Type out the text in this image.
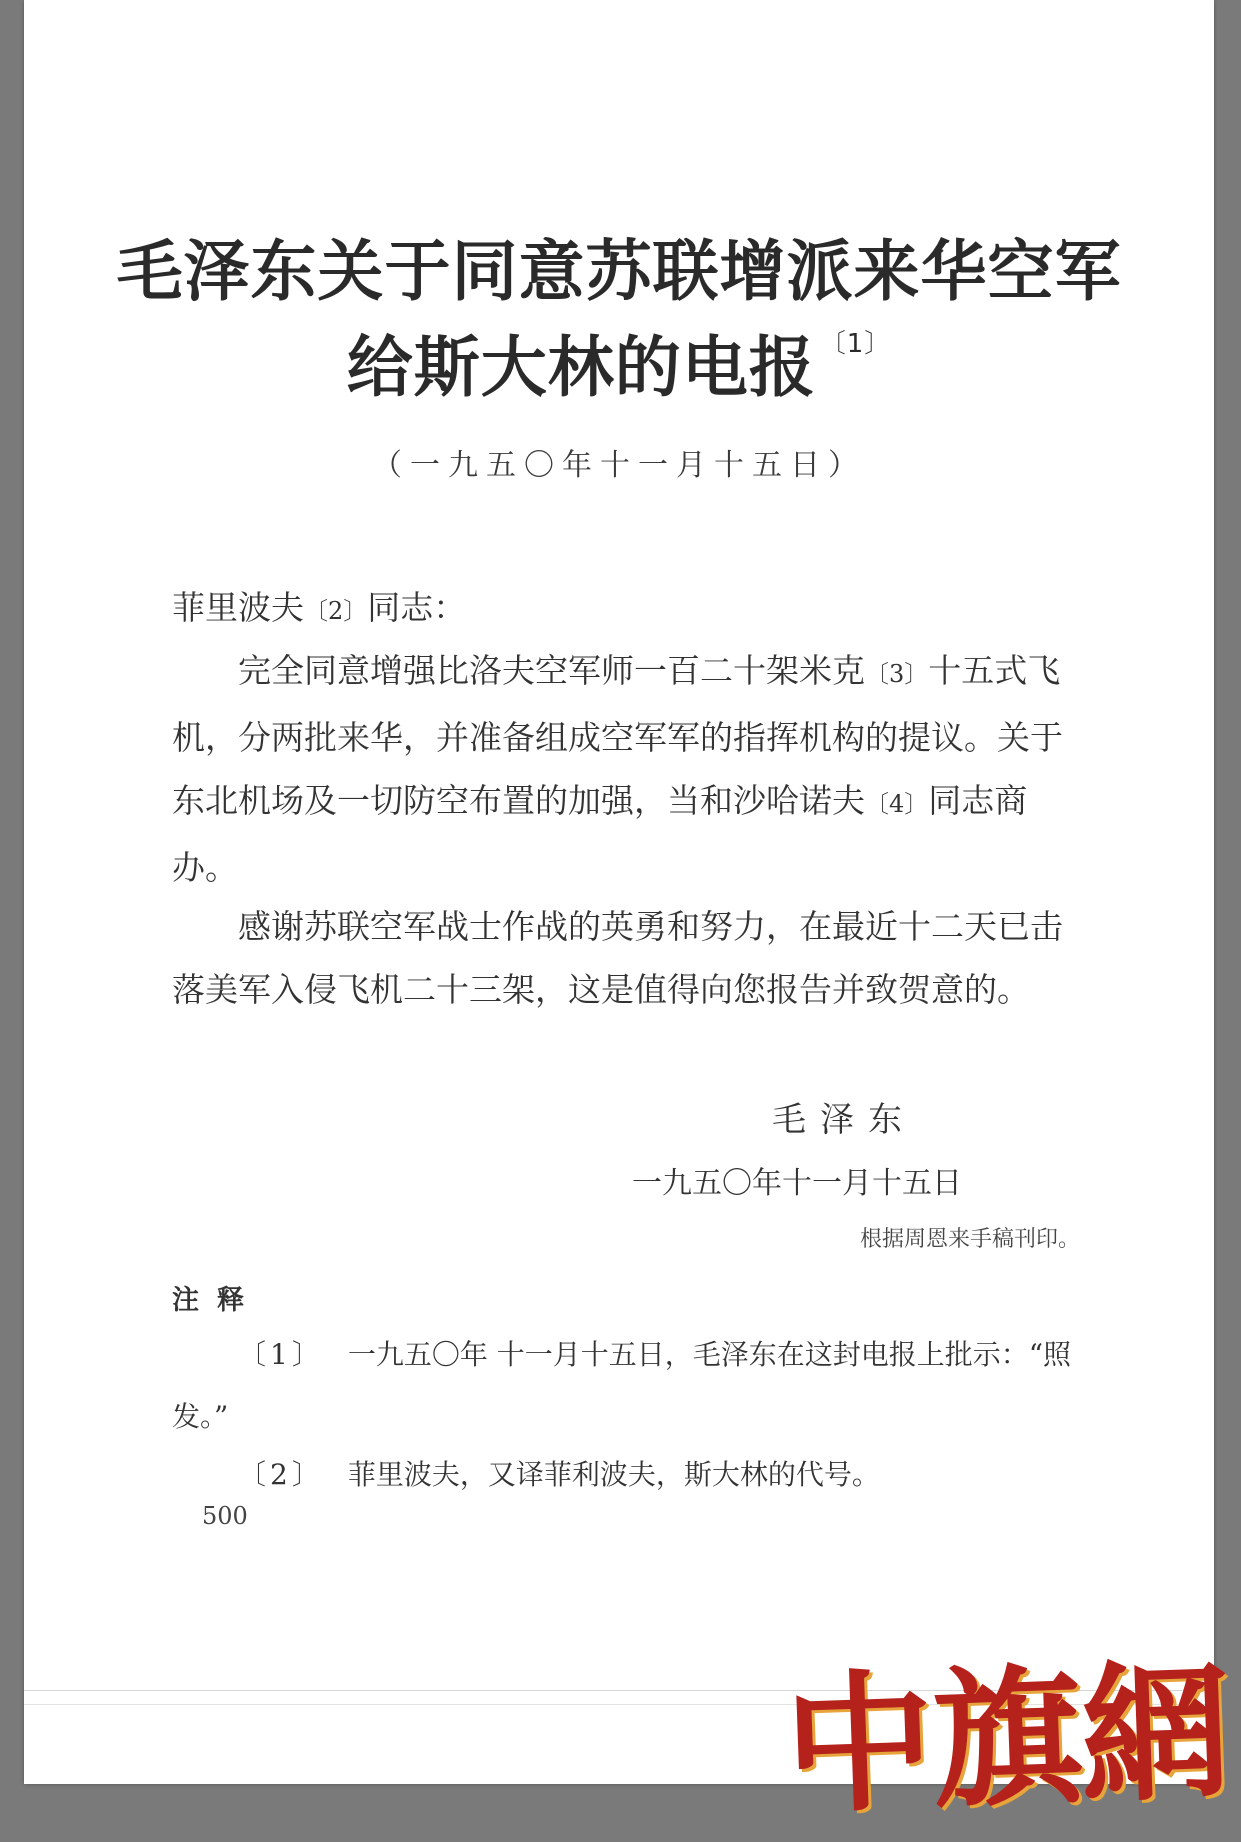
毛泽东关于同意苏联增派来华空军
给斯大林的电报 $^{〔1〕}$
（一九五〇年十一月十五日）
菲里波夫〔2〕同志：
完全同意增强比洛夫空军师一百二十架米克〔3〕十五式飞机，分两批来华，并准备组成空军军的指挥机构的提议。关于东北机场及一切防空布置的加强，当和沙哈诺夫〔4〕同志商办。
感谢苏联空军战士作战的英勇和努力，在最近十二天已击落美军入侵飞机二十三架，这是值得向您报告并致贺意的。
毛泽东
一九五〇年十一月十五日
根据周恩来手稿刊印。
注释
〔1〕 一九五〇年 十一月十五日，毛泽东在这封电报上批示：“照发。”
〔2〕 菲里波夫，又译菲利波夫，斯大林的代号。
500
中旗網
